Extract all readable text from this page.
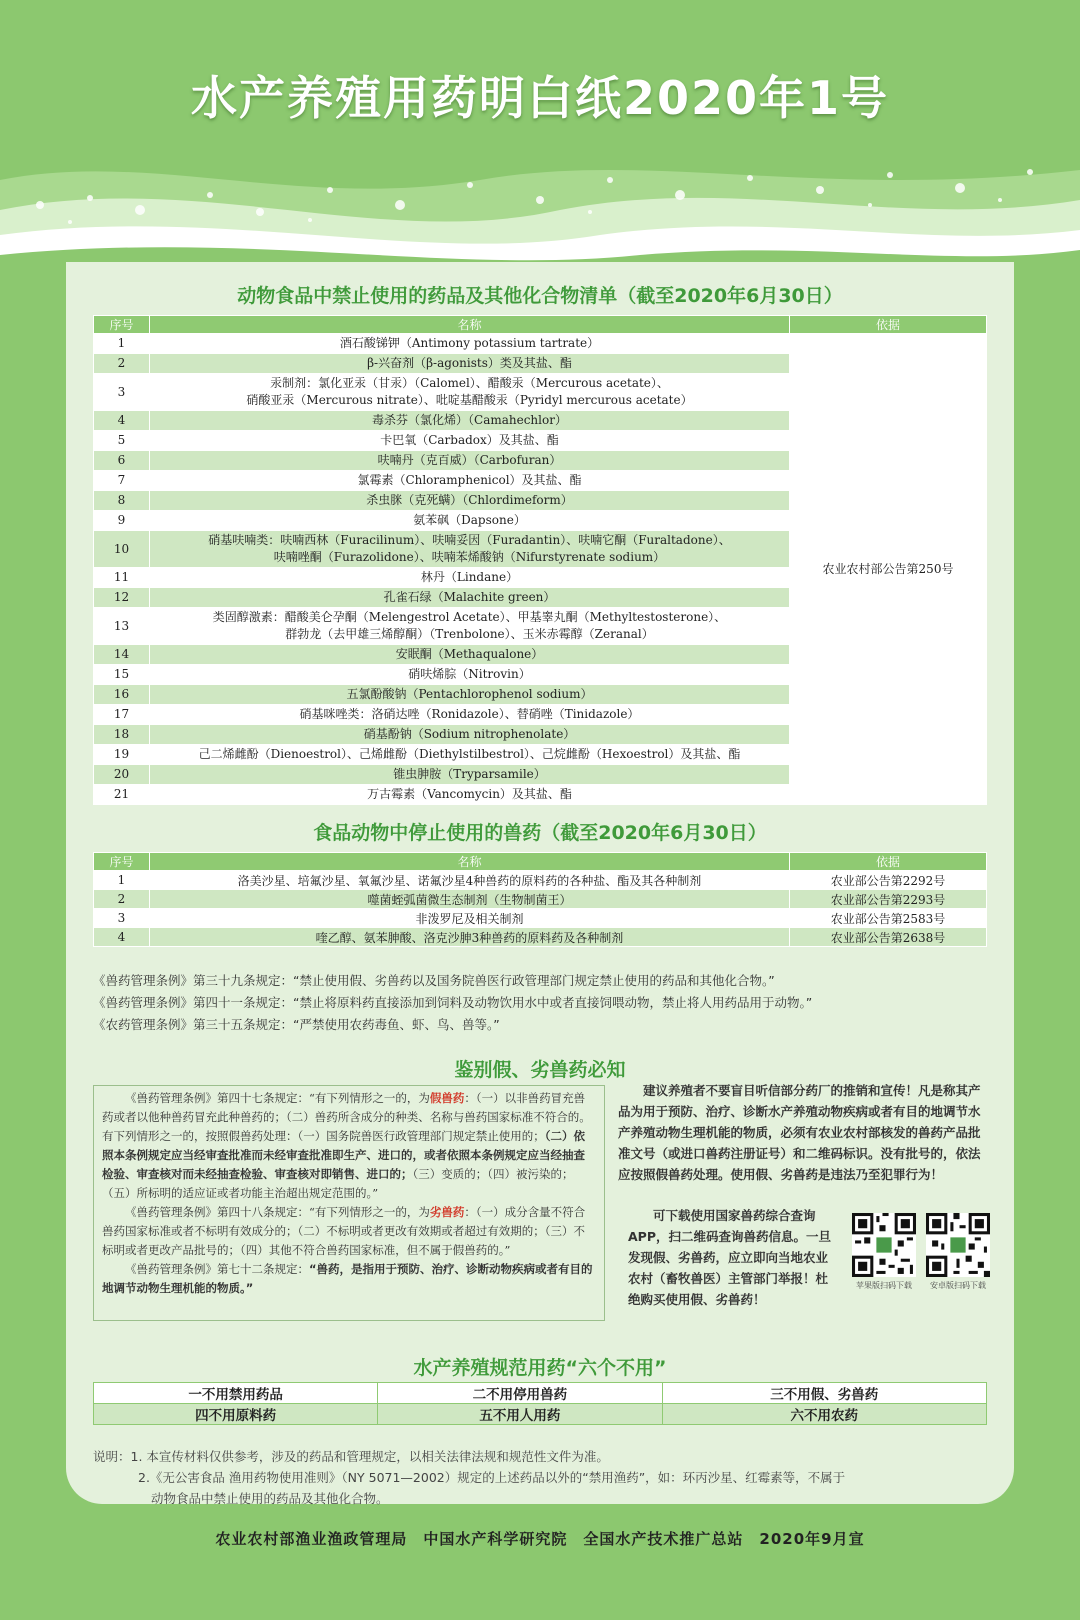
水产养殖用药明白纸2020年1号
动物食品中禁止使用的药品及其他化合物清单（截至2020年6月30日）
序号	名称	依据
1	酒石酸锑钾（Antimony potassium tartrate）	农业农村部公告第250号
2	β-兴奋剂（β-agonists）类及其盐、酯	
3	汞制剂：氯化亚汞（甘汞）（Calomel）、醋酸汞（Mercurous acetate）、
硝酸亚汞（Mercurous nitrate）、吡啶基醋酸汞（Pyridyl mercurous acetate）	
4	毒杀芬（氯化烯）（Camahechlor）	
5	卡巴氧（Carbadox）及其盐、酯	
6	呋喃丹（克百威）（Carbofuran）	
7	氯霉素（Chloramphenicol）及其盐、酯	
8	杀虫脒（克死螨）（Chlordimeform）	
9	氨苯砜（Dapsone）	
10	硝基呋喃类：呋喃西林（Furacilinum）、呋喃妥因（Furadantin）、呋喃它酮（Furaltadone）、
呋喃唑酮（Furazolidone）、呋喃苯烯酸钠（Nifurstyrenate sodium）	
11	林丹（Lindane）	
12	孔雀石绿（Malachite green）	
13	类固醇激素：醋酸美仑孕酮（Melengestrol Acetate）、甲基睾丸酮（Methyltestosterone）、
群勃龙（去甲雄三烯醇酮）（Trenbolone）、玉米赤霉醇（Zeranal）	
14	安眠酮（Methaqualone）	
15	硝呋烯腙（Nitrovin）	
16	五氯酚酸钠（Pentachlorophenol sodium）	
17	硝基咪唑类：洛硝达唑（Ronidazole）、替硝唑（Tinidazole）	
18	硝基酚钠（Sodium nitrophenolate）	
19	己二烯雌酚（Dienoestrol）、己烯雌酚（Diethylstilbestrol）、己烷雌酚（Hexoestrol）及其盐、酯	
20	锥虫胂胺（Tryparsamile）	
21	万古霉素（Vancomycin）及其盐、酯	
食品动物中停止使用的兽药（截至2020年6月30日）
序号	名称	依据
1	洛美沙星、培氟沙星、氧氟沙星、诺氟沙星4种兽药的原料药的各种盐、酯及其各种制剂	农业部公告第2292号
2	噬菌蛭弧菌微生态制剂（生物制菌王）	农业部公告第2293号
3	非泼罗尼及相关制剂	农业部公告第2583号
4	喹乙醇、氨苯胂酸、洛克沙胂3种兽药的原料药及各种制剂	农业部公告第2638号

《兽药管理条例》第三十九条规定：“禁止使用假、劣兽药以及国务院兽医行政管理部门规定禁止使用的药品和其他化合物。”

《兽药管理条例》第四十一条规定：“禁止将原料药直接添加到饲料及动物饮用水中或者直接饲喂动物，禁止将人用药品用于动物。”

《农药管理条例》第三十五条规定：“严禁使用农药毒鱼、虾、鸟、兽等。”

鉴别假、劣兽药必知

《兽药管理条例》第四十七条规定：“有下列情形之一的，为假兽药：（一）以非兽药冒充兽药或者以他种兽药冒充此种兽药的；（二）兽药所含成分的种类、名称与兽药国家标准不符合的。有下列情形之一的，按照假兽药处理：（一）国务院兽医行政管理部门规定禁止使用的；（二）依照本条例规定应当经审查批准而未经审查批准即生产、进口的，或者依照本条例规定应当经抽查检验、审查核对而未经抽查检验、审查核对即销售、进口的；（三）变质的；（四）被污染的；（五）所标明的适应证或者功能主治超出规定范围的。”

《兽药管理条例》第四十八条规定：“有下列情形之一的，为劣兽药：（一）成分含量不符合兽药国家标准或者不标明有效成分的；（二）不标明或者更改有效期或者超过有效期的；（三）不标明或者更改产品批号的；（四）其他不符合兽药国家标准，但不属于假兽药的。”

《兽药管理条例》第七十二条规定：“兽药，是指用于预防、治疗、诊断动物疾病或者有目的地调节动物生理机能的物质。”

建议养殖者不要盲目听信部分药厂的推销和宣传！凡是称其产品为用于预防、治疗、诊断水产养殖动物疾病或者有目的地调节水产养殖动物生理机能的物质，必须有农业农村部核发的兽药产品批准文号（或进口兽药注册证号）和二维码标识。没有批号的，依法应按照假兽药处理。使用假、劣兽药是违法乃至犯罪行为！

可下载使用国家兽药综合查询APP，扫二维码查询兽药信息。一旦发现假、劣兽药，应立即向当地农业农村（畜牧兽医）主管部门举报！杜绝购买使用假、劣兽药！

苹果版扫码下载	安卓版扫码下载
水产养殖规范用药“六个不用”
一不用禁用药品	二不用停用兽药	三不用假、劣兽药
四不用原料药	五不用人用药	六不用农药
说明：1. 本宣传材料仅供参考，涉及的药品和管理规定，以相关法律法规和规范性文件为准。
2.《无公害食品 渔用药物使用准则》（NY 5071—2002）规定的上述药品以外的“禁用渔药”，如：环丙沙星、红霉素等，不属于
动物食品中禁止使用的药品及其他化合物。
农业农村部渔业渔政管理局　中国水产科学研究院　全国水产技术推广总站　2020年9月宣
